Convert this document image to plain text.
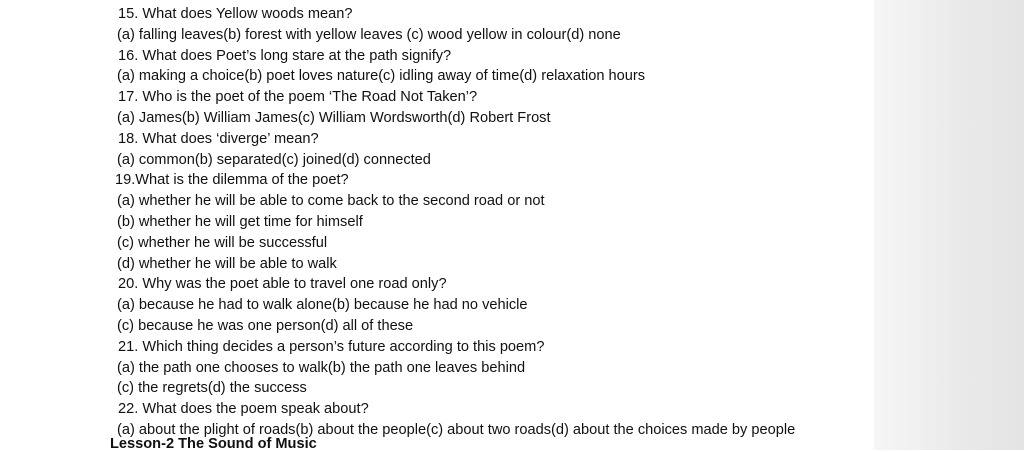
15. What does Yellow woods mean?
(a) falling leaves(b) forest with yellow leaves (c) wood yellow in colour(d) none
16. What does Poet’s long stare at the path signify?
(a) making a choice(b) poet loves nature(c) idling away of time(d) relaxation hours
17. Who is the poet of the poem ‘The Road Not Taken’?
(a) James(b) William James(c) William Wordsworth(d) Robert Frost
18. What does ‘diverge’ mean?
(a) common(b) separated(c) joined(d) connected
19.What is the dilemma of the poet?
(a) whether he will be able to come back to the second road or not
(b) whether he will get time for himself
(c) whether he will be successful
(d) whether he will be able to walk
20. Why was the poet able to travel one road only?
(a) because he had to walk alone(b) because he had no vehicle
(c) because he was one person(d) all of these
21. Which thing decides a person’s future according to this poem?
(a) the path one chooses to walk(b) the path one leaves behind
(c) the regrets(d) the success
22. What does the poem speak about?
(a) about the plight of roads(b) about the people(c) about two roads(d) about the choices made by people
Lesson-2 The Sound of Music
